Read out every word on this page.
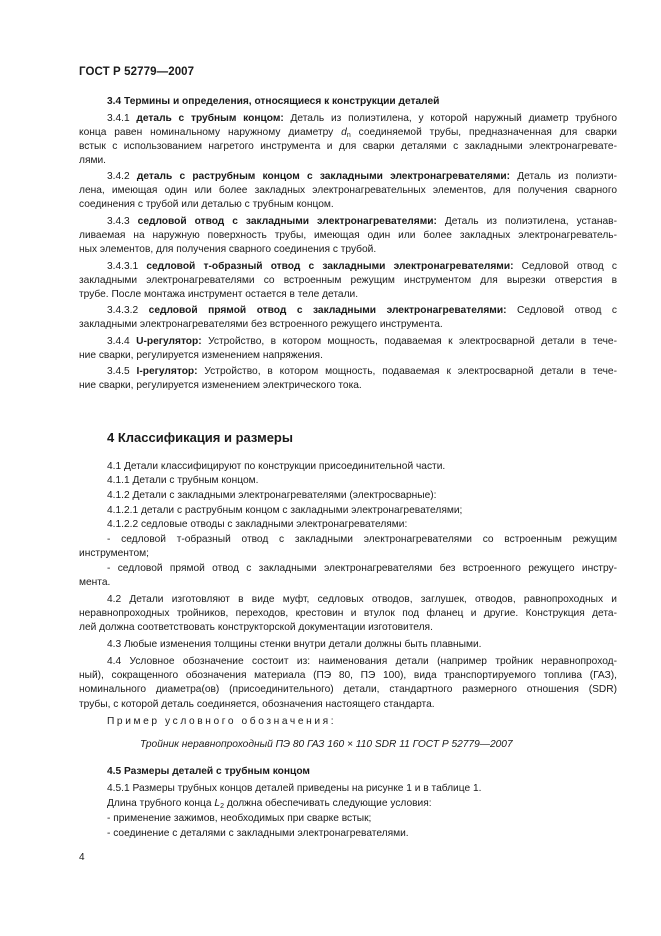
ГОСТ Р 52779—2007
3.4 Термины и определения, относящиеся к конструкции деталей
3.4.1 деталь с трубным концом: Деталь из полиэтилена, у которой наружный диаметр трубного
конца равен номинальному наружному диаметру $d_n$ соединяемой трубы, предназначенная для сварки
встык с использованием нагретого инструмента и для сварки деталями с закладными электронагревате-
лями.
3.4.2 деталь с раструбным концом с закладными электронагревателями: Деталь из полиэти-
лена, имеющая один или более закладных электронагревательных элементов, для получения сварного
соединения с трубой или деталью с трубным концом.
3.4.3 седловой отвод с закладными электронагревателями: Деталь из полиэтилена, устанав-
ливаемая на наружную поверхность трубы, имеющая один или более закладных электронагреватель-
ных элементов, для получения сварного соединения с трубой.
3.4.3.1 седловой т-образный отвод с закладными электронагревателями: Седловой отвод с
закладными электронагревателями со встроенным режущим инструментом для вырезки отверстия в
трубе. После монтажа инструмент остается в теле детали.
3.4.3.2 седловой прямой отвод с закладными электронагревателями: Седловой отвод с
закладными электронагревателями без встроенного режущего инструмента.
3.4.4 U-регулятор: Устройство, в котором мощность, подаваемая к электросварной детали в тече-
ние сварки, регулируется изменением напряжения.
3.4.5 I-регулятор: Устройство, в котором мощность, подаваемая к электросварной детали в тече-
ние сварки, регулируется изменением электрического тока.
4 Классификация и размеры
4.1 Детали классифицируют по конструкции присоединительной части.
4.1.1 Детали с трубным концом.
4.1.2 Детали с закладными электронагревателями (электросварные):
4.1.2.1 детали с раструбным концом с закладными электронагревателями;
4.1.2.2 седловые отводы с закладными электронагревателями:
- седловой т-образный отвод с закладными электронагревателями со встроенным режущим
инструментом;
- седловой прямой отвод с закладными электронагревателями без встроенного режущего инстру-
мента.
4.2 Детали изготовляют в виде муфт, седловых отводов, заглушек, отводов, равнопроходных и
неравнопроходных тройников, переходов, крестовин и втулок под фланец и другие. Конструкция дета-
лей должна соответствовать конструкторской документации изготовителя.
4.3 Любые изменения толщины стенки внутри детали должны быть плавными.
4.4 Условное обозначение состоит из: наименования детали (например тройник неравнопроход-
ный), сокращенного обозначения материала (ПЭ 80, ПЭ 100), вида транспортируемого топлива (ГАЗ),
номинального диаметра(ов) (присоединительного) детали, стандартного размерного отношения (SDR)
трубы, с которой деталь соединяется, обозначения настоящего стандарта.
Пример условного обозначения:
Тройник неравнопроходный ПЭ 80 ГАЗ 160 × 110 SDR 11 ГОСТ Р 52779—2007
4.5 Размеры деталей с трубным концом
4.5.1 Размеры трубных концов деталей приведены на рисунке 1 и в таблице 1.
Длина трубного конца $L_2$ должна обеспечивать следующие условия:
- применение зажимов, необходимых при сварке встык;
- соединение с деталями с закладными электронагревателями.
4
